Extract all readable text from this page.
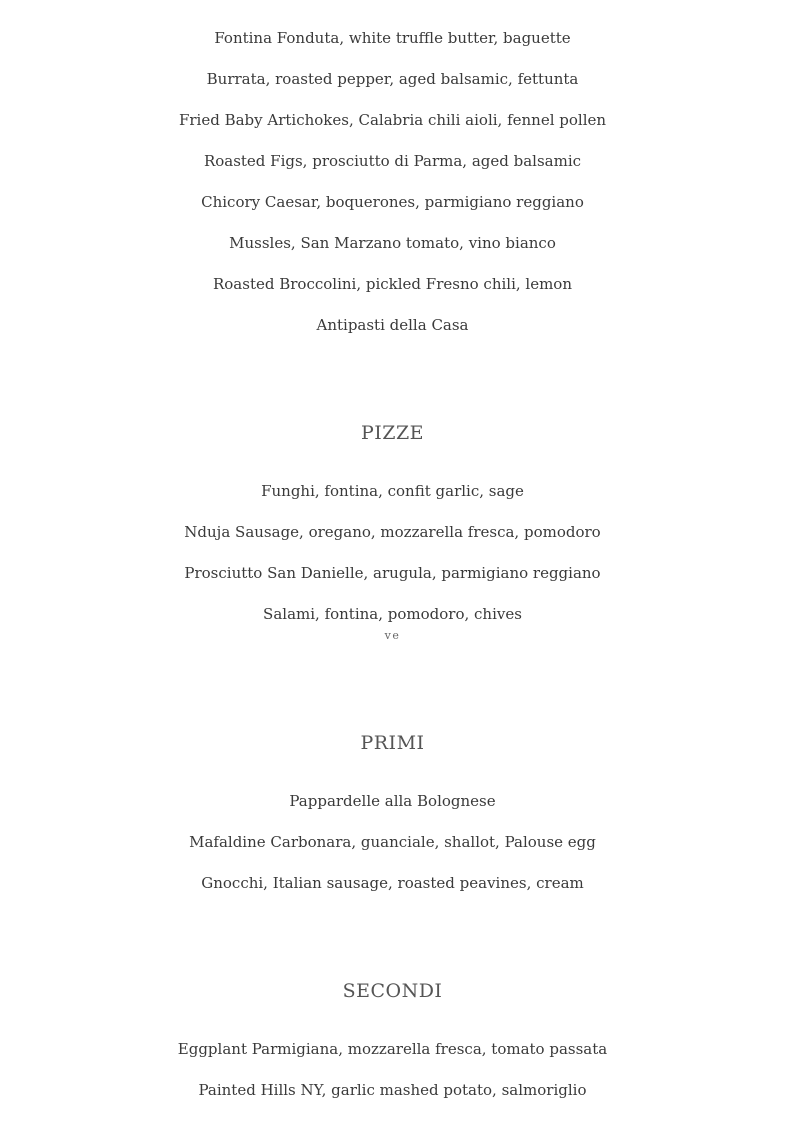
Fontina Fonduta, white truffle butter, baguette
Burrata, roasted pepper, aged balsamic, fettunta
Fried Baby Artichokes, Calabria chili aioli, fennel pollen
Roasted Figs, prosciutto di Parma, aged balsamic
Chicory Caesar, boquerones, parmigiano reggiano
Mussles, San Marzano tomato, vino bianco
Roasted Broccolini, pickled Fresno chili, lemon
Antipasti della Casa
PIZZE
Funghi, fontina, confit garlic, sage
Nduja Sausage, oregano, mozzarella fresca, pomodoro
Prosciutto San Danielle, arugula, parmigiano reggiano
Salami, fontina, pomodoro, chives
ve
PRIMI
Pappardelle alla Bolognese
Mafaldine Carbonara, guanciale, shallot, Palouse egg
Gnocchi, Italian sausage, roasted peavines, cream
SECONDI
Eggplant Parmigiana, mozzarella fresca, tomato passata
Painted Hills NY, garlic mashed potato, salmoriglio
